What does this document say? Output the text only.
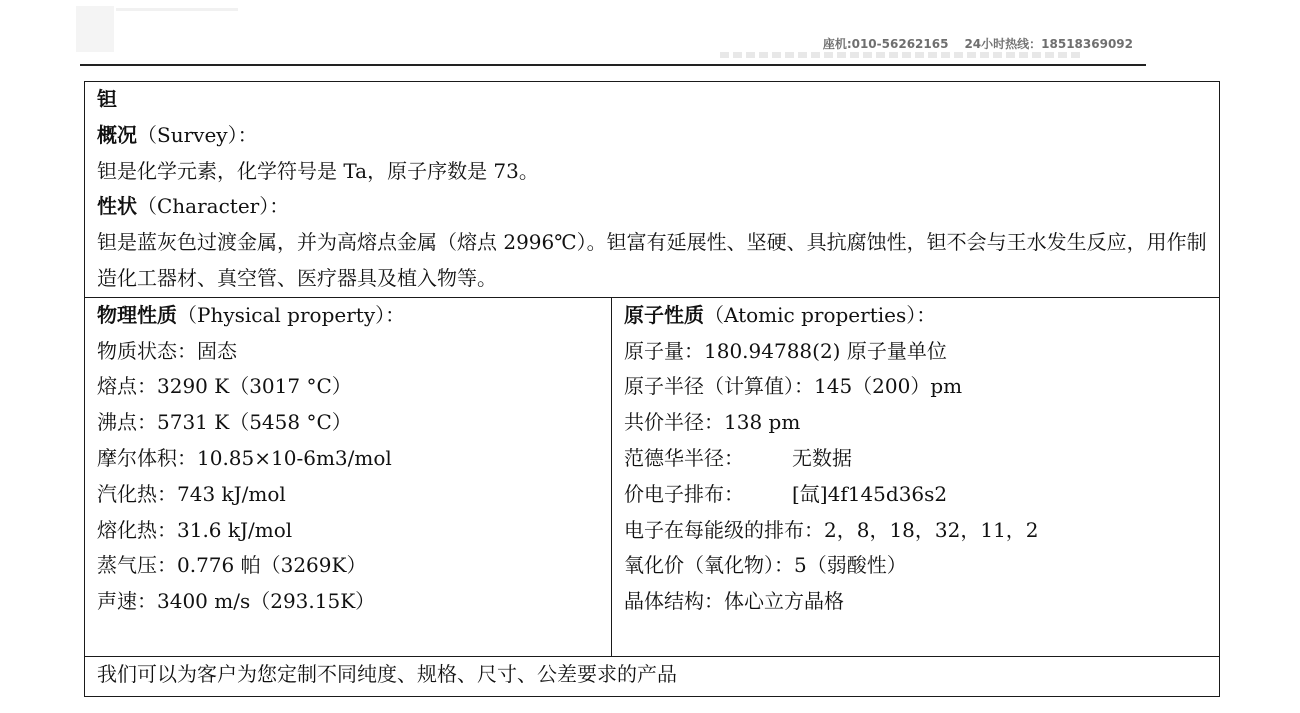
座机:010-56262165 24小时热线：18518369092

钽

概况（Survey）：

钽是化学元素，化学符号是 Ta，原子序数是 73。

性状（Character）：

钽是蓝灰色过渡金属，并为高熔点金属（熔点 2996℃）。钽富有延展性、坚硬、具抗腐蚀性，钽不会与王水发生反应，用作制造化工器材、真空管、医疗器具及植入物等。

物理性质（Physical property）：

物质状态：固态

熔点：3290 K（3017 °C）

沸点：5731 K（5458 °C）

摩尔体积：10.85×10-6m3/mol

汽化热：743 kJ/mol

熔化热：31.6 kJ/mol

蒸气压：0.776 帕（3269K）

声速：3400 m/s（293.15K）

原子性质（Atomic properties）：

原子量：180.94788(2) 原子量单位

原子半径（计算值）：145（200）pm

共价半径：138 pm

范德华半径： 无数据

价电子排布： [氙]4f145d36s2

电子在每能级的排布：2，8，18，32，11，2

氧化价（氧化物）：5（弱酸性）

晶体结构：体心立方晶格

我们可以为客户为您定制不同纯度、规格、尺寸、公差要求的产品
